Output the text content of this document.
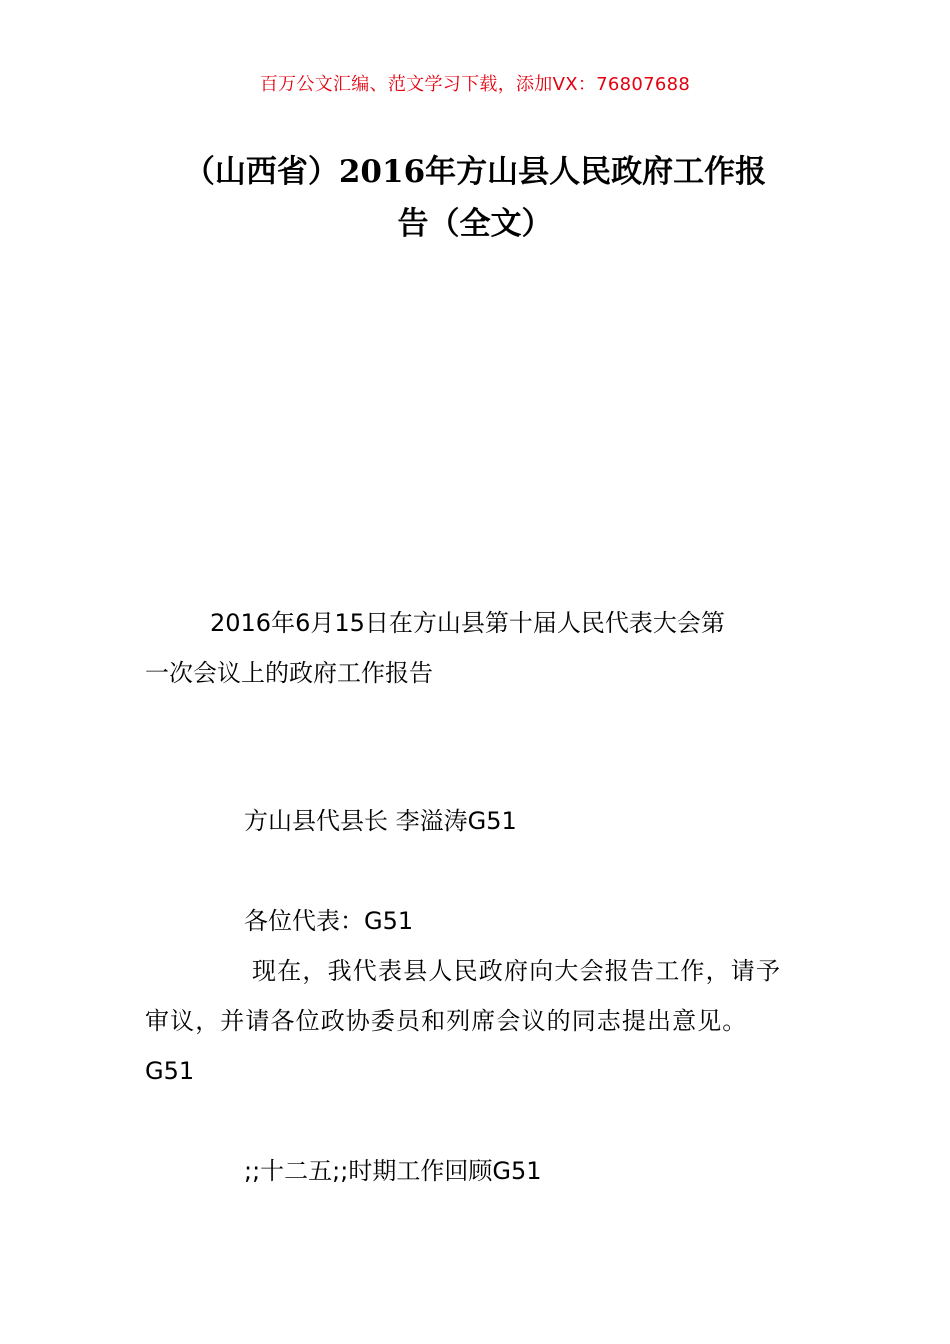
百万公文汇编、范文学习下载，添加VX：76807688
（山西省）2016年方山县人民政府工作报
告（全文）
2016年6月15日在方山县第十届人民代表大会第
一次会议上的政府工作报告
方山县代县长 李溢涛G51
各位代表：G51
现在，我代表县人民政府向大会报告工作，请予
审议，并请各位政协委员和列席会议的同志提出意见。
G51
;;十二五;;时期工作回顾G51
